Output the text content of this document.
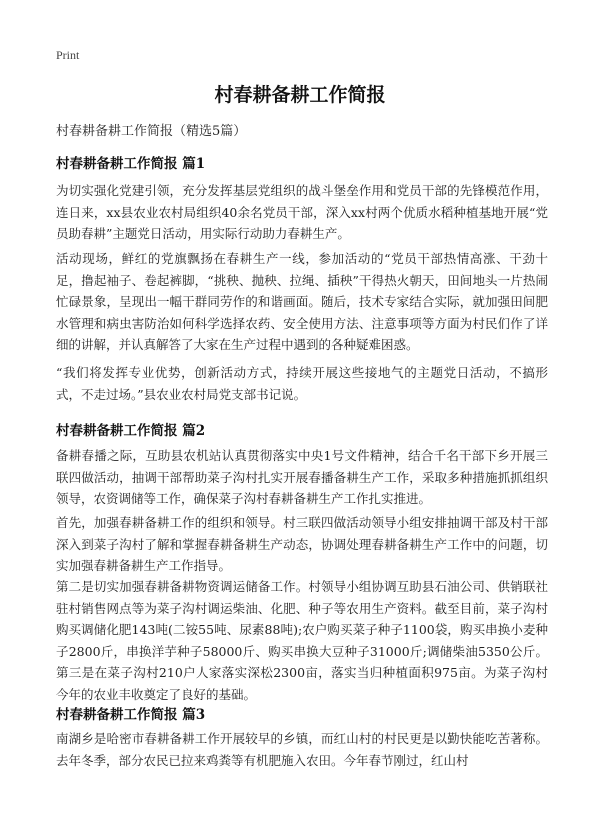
Print
村春耕备耕工作简报
村春耕备耕工作简报（精选5篇）
村春耕备耕工作简报 篇1

为切实强化党建引领，充分发挥基层党组织的战斗堡垒作用和党员干部的先锋模范作用，连日来，xx县农业农村局组织40余名党员干部，深入xx村两个优质水稻种植基地开展“党员助春耕”主题党日活动，用实际行动助力春耕生产。

活动现场，鲜红的党旗飘扬在春耕生产一线，参加活动的“党员干部热情高涨、干劲十足，撸起袖子、卷起裤脚，“挑秧、抛秧、拉绳、插秧”干得热火朝天，田间地头一片热闹忙碌景象，呈现出一幅干群同劳作的和谐画面。随后，技术专家结合实际，就加强田间肥水管理和病虫害防治如何科学选择农药、安全使用方法、注意事项等方面为村民们作了详细的讲解，并认真解答了大家在生产过程中遇到的各种疑难困惑。

“我们将发挥专业优势，创新活动方式，持续开展这些接地气的主题党日活动，不搞形式，不走过场。”县农业农村局党支部书记说。

村春耕备耕工作简报 篇2

备耕春播之际，互助县农机站认真贯彻落实中央1号文件精神，结合千名干部下乡开展三联四做活动，抽调干部帮助菜子沟村扎实开展春播备耕生产工作，采取多种措施抓抓组织领导，农资调储等工作，确保菜子沟村春耕备耕生产工作扎实推进。

首先，加强春耕备耕工作的组织和领导。村三联四做活动领导小组安排抽调干部及村干部深入到菜子沟村了解和掌握春耕备耕生产动态，协调处理春耕备耕生产工作中的问题，切实加强春耕备耕生产工作指导。

第二是切实加强春耕备耕物资调运储备工作。村领导小组协调互助县石油公司、供销联社驻村销售网点等为菜子沟村调运柴油、化肥、种子等农用生产资料。截至目前，菜子沟村购买调储化肥143吨(二铵55吨、尿素88吨);农户购买菜子种子1100袋，购买串换小麦种子2800斤，串换洋芋种子58000斤、购买串换大豆种子31000斤;调储柴油5350公斤。第三是在菜子沟村210户人家落实深松2300亩，落实当归种植面积975亩。为菜子沟村今年的农业丰收奠定了良好的基础。

村春耕备耕工作简报 篇3

南湖乡是哈密市春耕备耕工作开展较早的乡镇，而红山村的村民更是以勤快能吃苦著称。去年冬季，部分农民已拉来鸡粪等有机肥施入农田。今年春节刚过，红山村
